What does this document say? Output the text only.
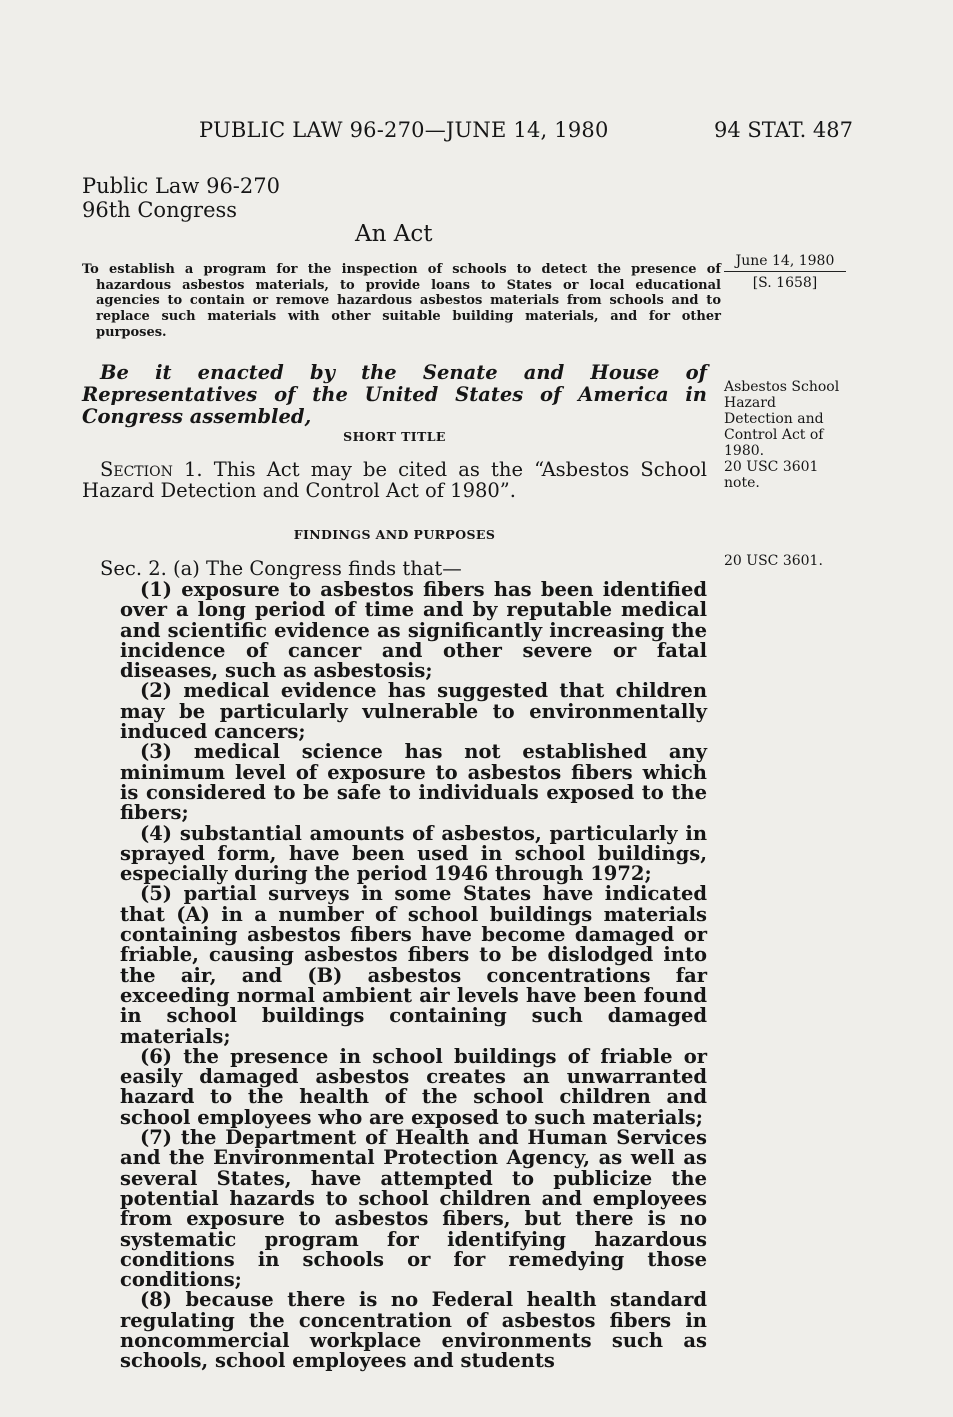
PUBLIC LAW 96-270—JUNE 14, 1980	94 STAT. 487
Public Law 96-270
96th Congress
An Act
To establish a program for the inspection of schools to detect the presence of hazardous asbestos materials, to provide loans to States or local educational agencies to contain or remove hazardous asbestos materials from schools and to replace such materials with other suitable building materials, and for other purposes.
June 14, 1980
[S. 1658]
Be it enacted by the Senate and House of Representatives of the United States of America in Congress assembled,
Asbestos School Hazard Detection and Control Act of 1980.
20 USC 3601 note.
SHORT TITLE
Section 1. This Act may be cited as the “Asbestos School Hazard Detection and Control Act of 1980”.
FINDINGS AND PURPOSES
20 USC 3601.
Sec. 2. (a) The Congress finds that—

(1) exposure to asbestos fibers has been identified over a long period of time and by reputable medical and scientific evidence as significantly increasing the incidence of cancer and other severe or fatal diseases, such as asbestosis;

(2) medical evidence has suggested that children may be particularly vulnerable to environmentally induced cancers;

(3) medical science has not established any minimum level of exposure to asbestos fibers which is considered to be safe to individuals exposed to the fibers;

(4) substantial amounts of asbestos, particularly in sprayed form, have been used in school buildings, especially during the period 1946 through 1972;

(5) partial surveys in some States have indicated that (A) in a number of school buildings materials containing asbestos fibers have become damaged or friable, causing asbestos fibers to be dislodged into the air, and (B) asbestos concentrations far exceeding normal ambient air levels have been found in school buildings containing such damaged materials;

(6) the presence in school buildings of friable or easily damaged asbestos creates an unwarranted hazard to the health of the school children and school employees who are exposed to such materials;

(7) the Department of Health and Human Services and the Environmental Protection Agency, as well as several States, have attempted to publicize the potential hazards to school children and employees from exposure to asbestos fibers, but there is no systematic program for identifying hazardous conditions in schools or for remedying those conditions;

(8) because there is no Federal health standard regulating the concentration of asbestos fibers in noncommercial workplace environments such as schools, school employees and students
